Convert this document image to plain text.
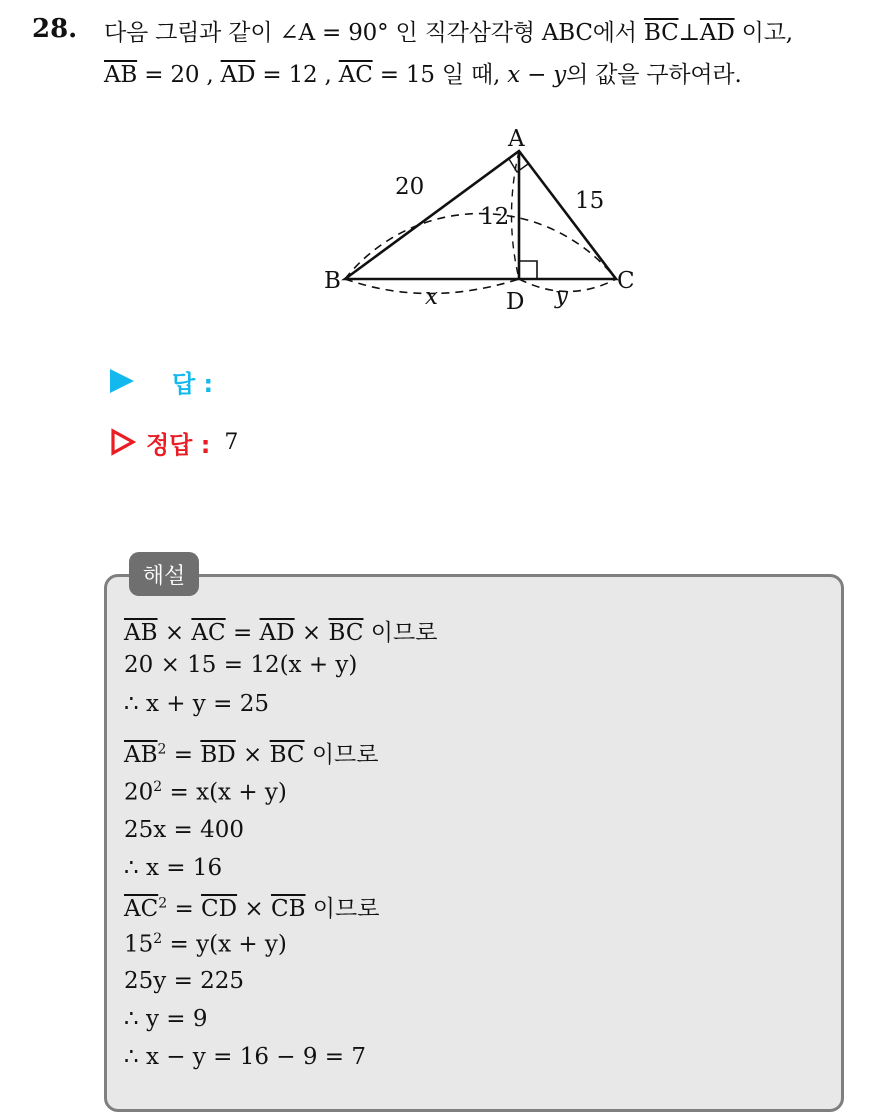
28. 다음 그림과 같이 ∠A = 90° 인 직각삼각형 ABC에서 $\overline{BC}\perp\overline{AD}$ 이고,
$\overline{AB} = 20$ , $\overline{AD} = 12$ , $\overline{AC} = 15$ 일 때, x − y의 값을 구하여라.
A
B	C
D
20
12
15
x	y
답 :
정답 : 7
해설
$\overline{AB} \times \overline{AC} = \overline{AD} \times \overline{BC}$ 이므로
20 × 15 = 12(x + y)
∴ x + y = 25
$\overline{AB}^2 = \overline{BD} \times \overline{BC}$ 이므로
$20^2 = x(x + y)$
25x = 400
∴ x = 16
$\overline{AC}^2 = \overline{CD} \times \overline{CB}$ 이므로
$15^2 = y(x + y)$
25y = 225
∴ y = 9
∴ x − y = 16 − 9 = 7
